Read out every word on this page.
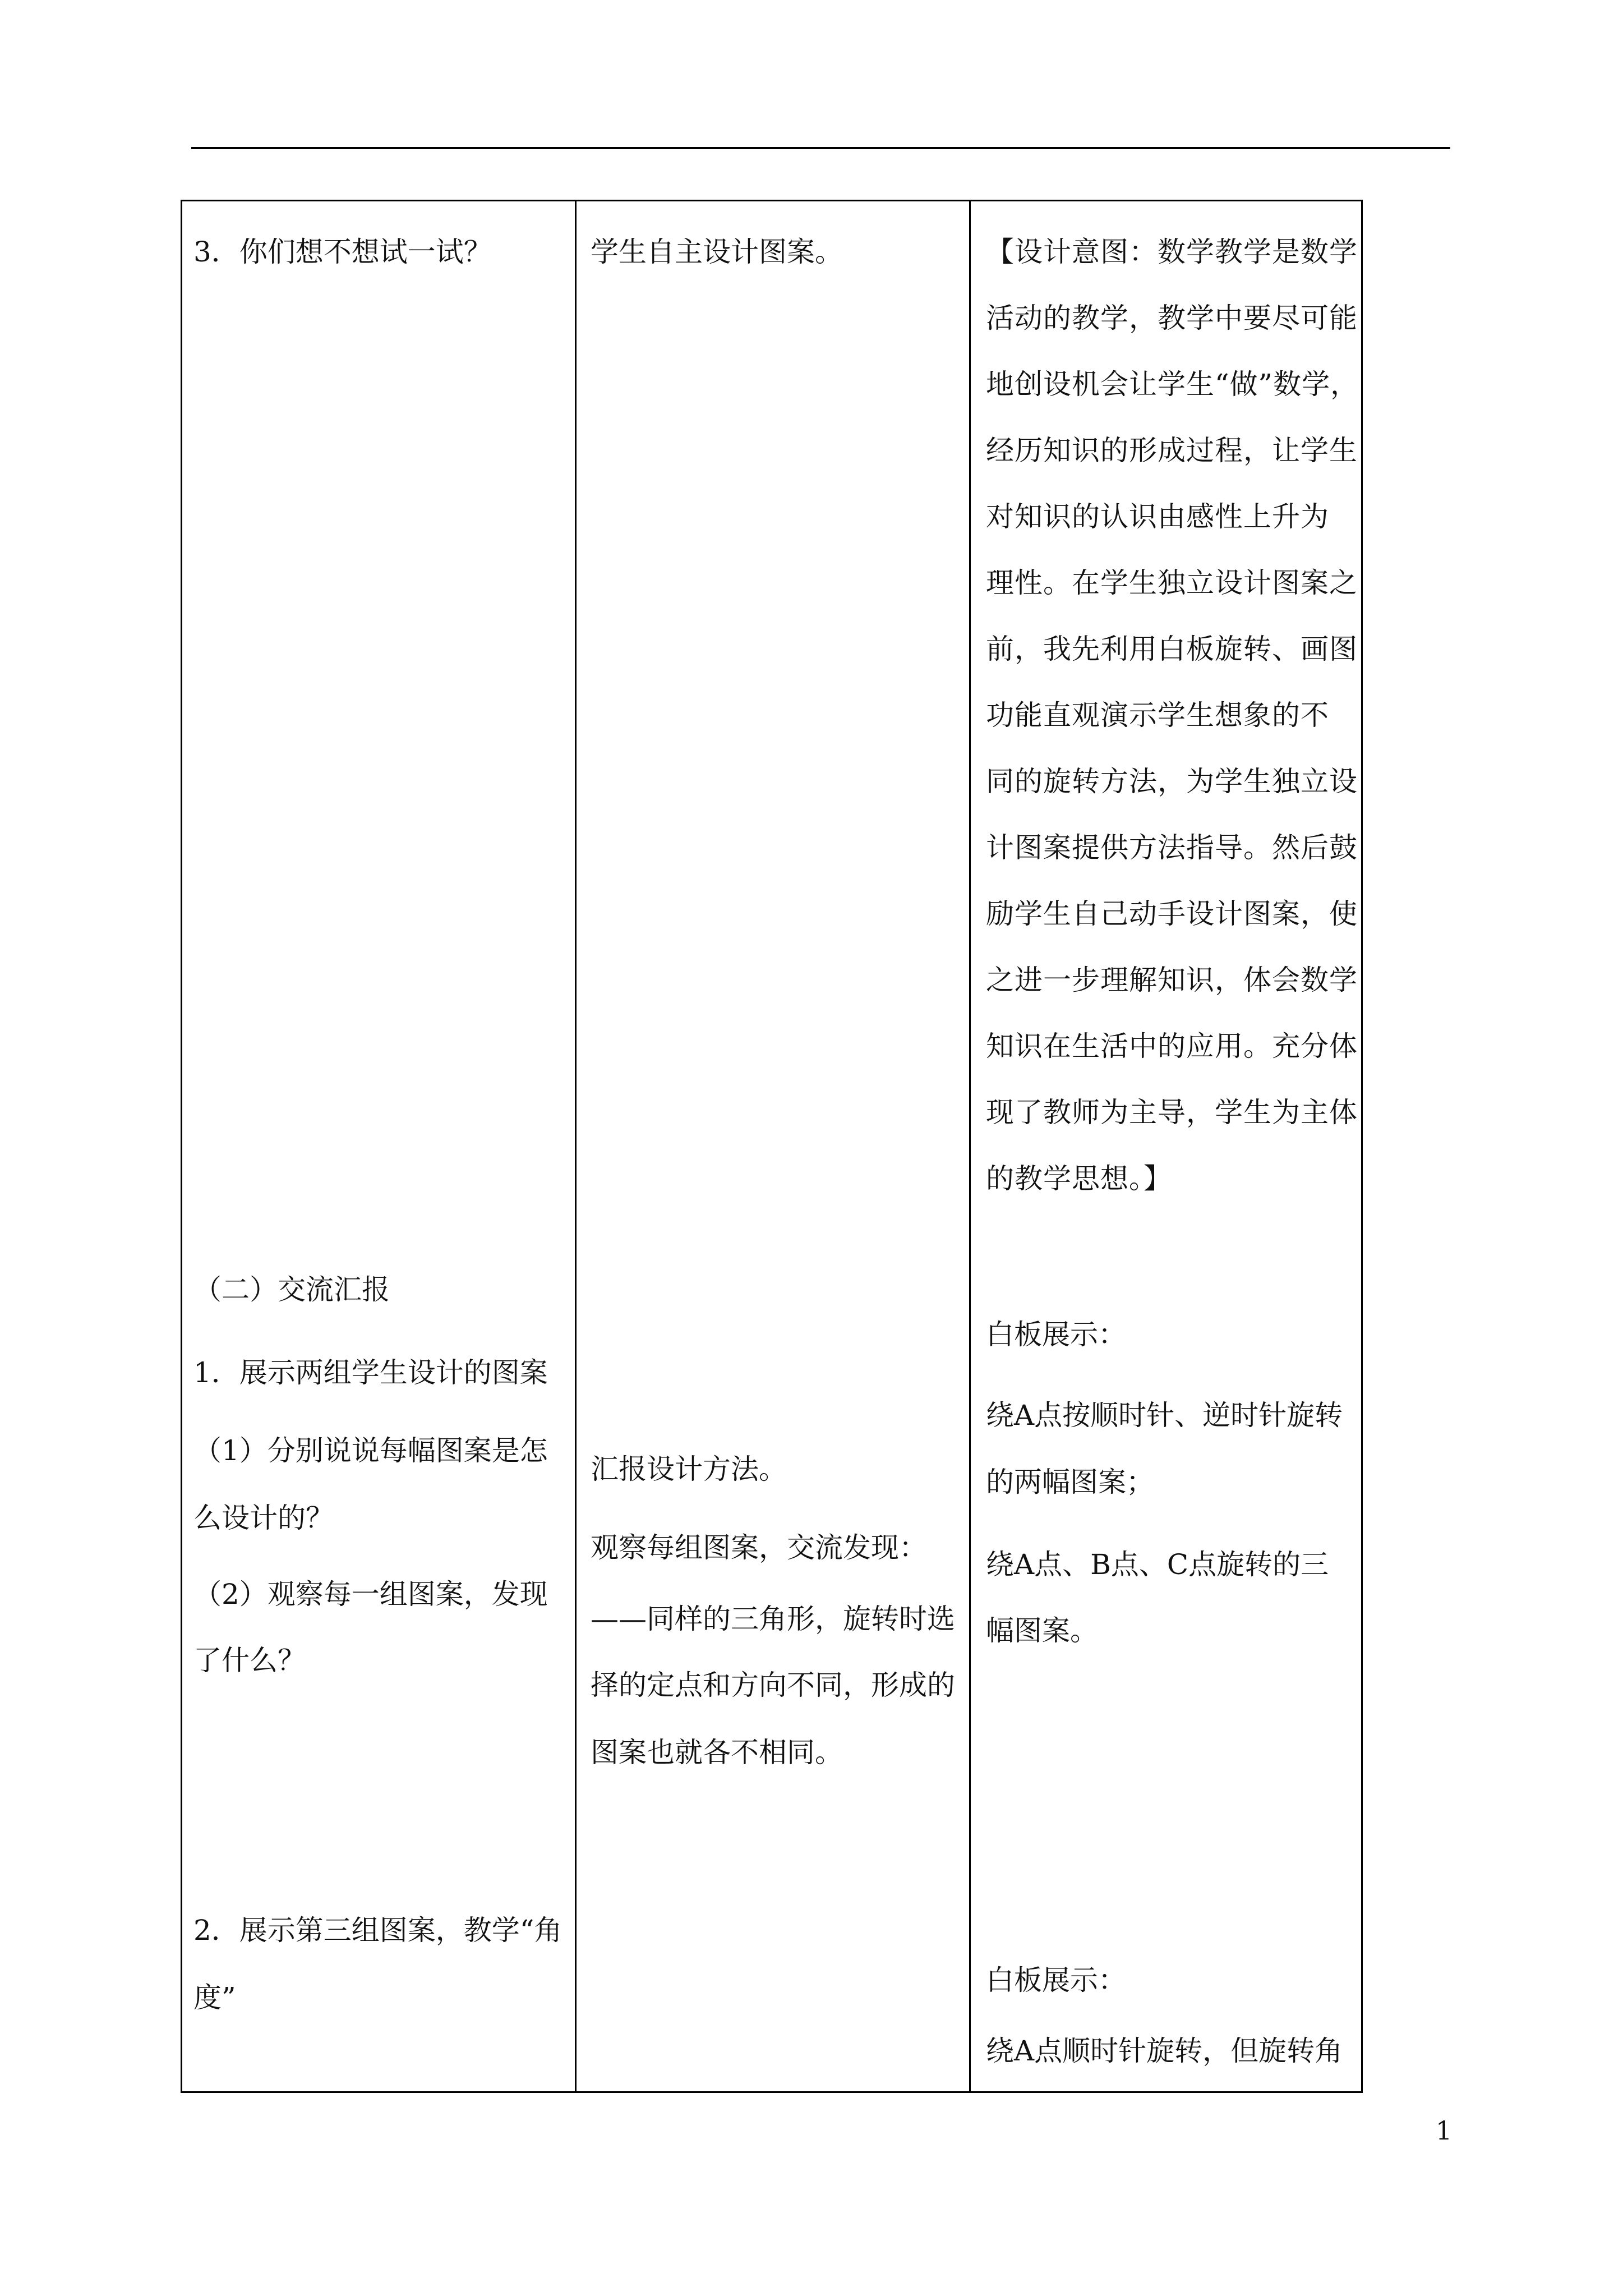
3．你们想不想试一试？
（二）交流汇报
1．展示两组学生设计的图案
（1）分别说说每幅图案是怎
么设计的？
（2）观察每一组图案，发现
了什么？
2．展示第三组图案，教学“角
度”
学生自主设计图案。
汇报设计方法。
观察每组图案，交流发现：
——同样的三角形，旋转时选
择的定点和方向不同，形成的
图案也就各不相同。
【设计意图：数学教学是数学
活动的教学，教学中要尽可能
地创设机会让学生“做”数学，
经历知识的形成过程，让学生
对知识的认识由感性上升为
理性。在学生独立设计图案之
前，我先利用白板旋转、画图
功能直观演示学生想象的不
同的旋转方法，为学生独立设
计图案提供方法指导。然后鼓
励学生自己动手设计图案，使
之进一步理解知识，体会数学
知识在生活中的应用。充分体
现了教师为主导，学生为主体
的教学思想。】
白板展示：
绕A点按顺时针、逆时针旋转
的两幅图案；
绕A点、B点、C点旋转的三
幅图案。
白板展示：
绕A点顺时针旋转，但旋转角
1
